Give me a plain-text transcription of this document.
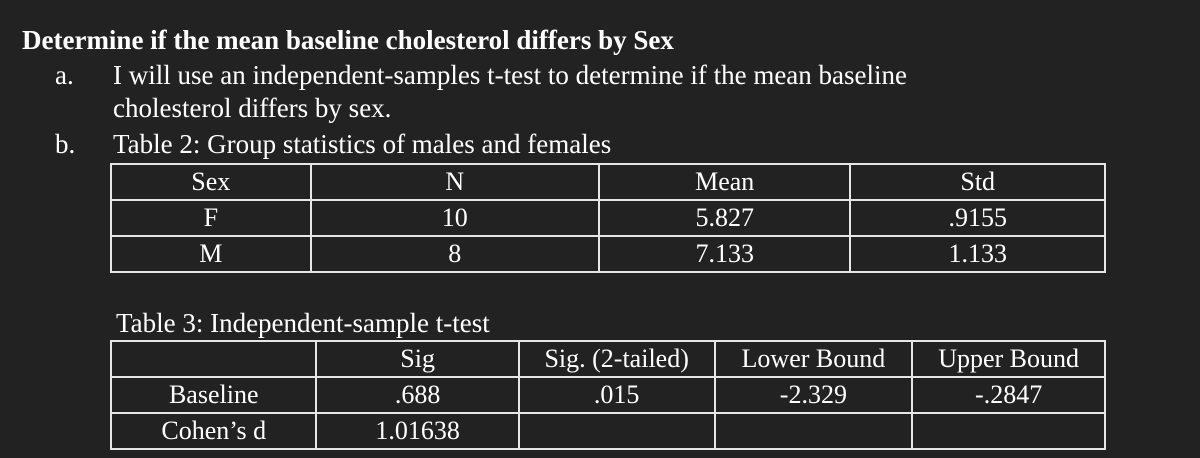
Determine if the mean baseline cholesterol differs by Sex
a. I will use an independent-samples t-test to determine if the mean baseline
cholesterol differs by sex.
b. Table 2: Group statistics of males and females
Sex	N	Mean	Std
F	10	5.827	.9155
M	8	7.133	1.133
Table 3: Independent-sample t-test
	Sig	Sig. (2-tailed)	Lower Bound	Upper Bound
Baseline	.688	.015	-2.329	-.2847
Cohen’s d	1.01638			
